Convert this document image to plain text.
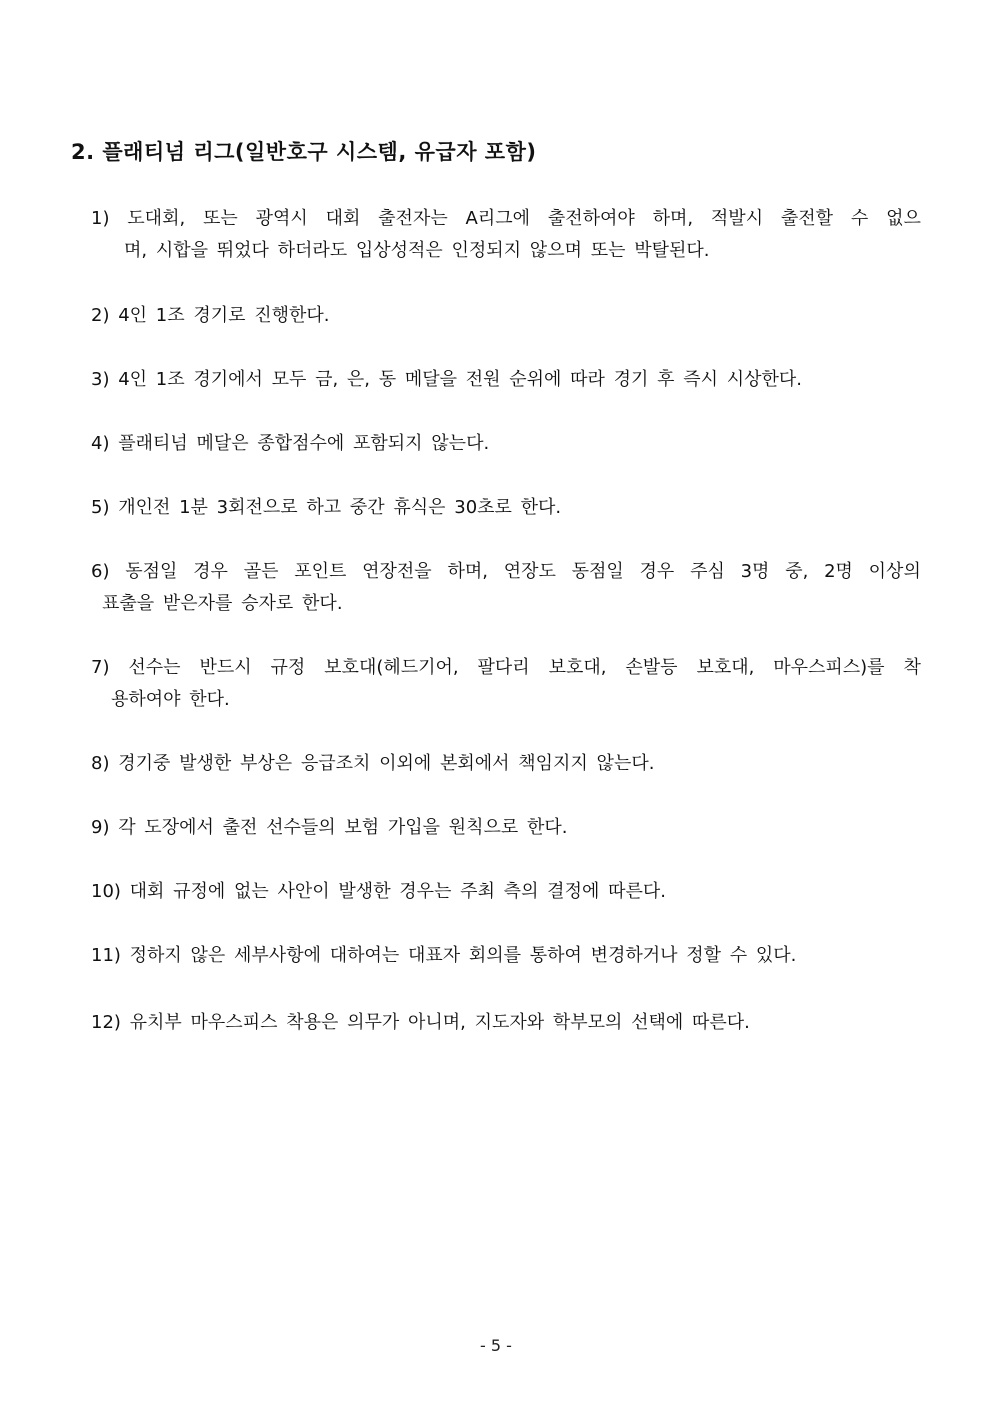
2. 플래티넘 리그(일반호구 시스템, 유급자 포함)
1) 도대회, 또는 광역시 대회 출전자는 A리그에 출전하여야 하며, 적발시 출전할 수 없으
며, 시합을 뛰었다 하더라도 입상성적은 인정되지 않으며 또는 박탈된다.
2) 4인 1조 경기로 진행한다.
3) 4인 1조 경기에서 모두 금, 은, 동 메달을 전원 순위에 따라 경기 후 즉시 시상한다.
4) 플래티넘 메달은 종합점수에 포함되지 않는다.
5) 개인전 1분 3회전으로 하고 중간 휴식은 30초로 한다.
6) 동점일 경우 골든 포인트 연장전을 하며, 연장도 동점일 경우 주심 3명 중, 2명 이상의
표출을 받은자를 승자로 한다.
7) 선수는 반드시 규정 보호대(헤드기어, 팔다리 보호대, 손발등 보호대, 마우스피스)를 착
용하여야 한다.
8) 경기중 발생한 부상은 응급조치 이외에 본회에서 책임지지 않는다.
9) 각 도장에서 출전 선수들의 보험 가입을 원칙으로 한다.
10) 대회 규정에 없는 사안이 발생한 경우는 주최 측의 결정에 따른다.
11) 정하지 않은 세부사항에 대하여는 대표자 회의를 통하여 변경하거나 정할 수 있다.
12) 유치부 마우스피스 착용은 의무가 아니며, 지도자와 학부모의 선택에 따른다.
- 5 -
